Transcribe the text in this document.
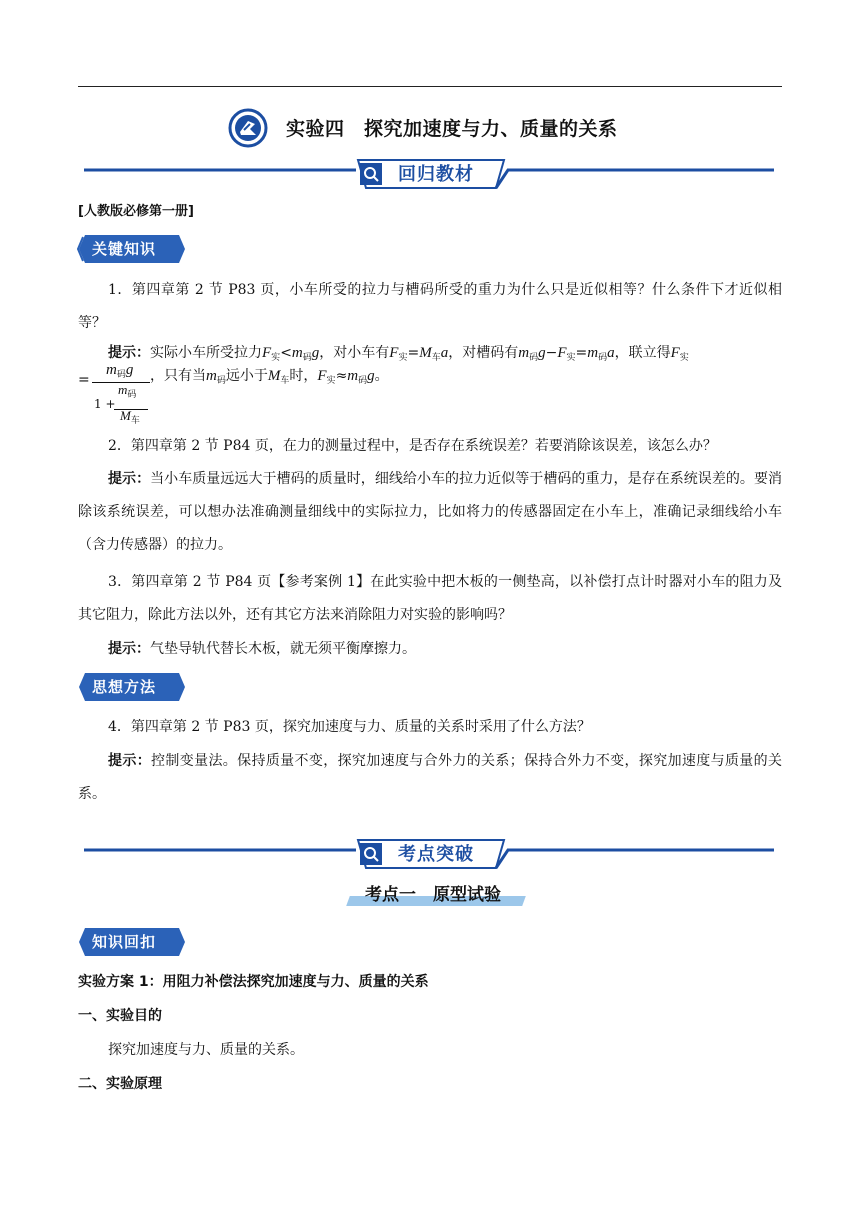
实验四　探究加速度与力、质量的关系
回归教材
[人教版必修第一册]
关键知识
1．第四章第 2 节 P83 页，小车所受的拉力与槽码所受的重力为什么只是近似相等？什么条件下才近似相等？
提示：实际小车所受拉力$F_实<m_码g$，对小车有$F_实=M_车a$，对槽码有$m_码g-F_实=m_码a$，联立得$F_实$
=
$m_码g$
1 +
$m_码$
$M_车$
，只有当$m_码$远小于$M_车$时，$F_实\approx m_码g$。
2．第四章第 2 节 P84 页，在力的测量过程中，是否存在系统误差？若要消除该误差，该怎么办？
提示：当小车质量远远大于槽码的质量时，细线给小车的拉力近似等于槽码的重力，是存在系统误差的。要消除该系统误差，可以想办法准确测量细线中的实际拉力，比如将力的传感器固定在小车上，准确记录细线给小车（含力传感器）的拉力。
3．第四章第 2 节 P84 页【参考案例 1】在此实验中把木板的一侧垫高，以补偿打点计时器对小车的阻力及其它阻力，除此方法以外，还有其它方法来消除阻力对实验的影响吗？
提示：气垫导轨代替长木板，就无须平衡摩擦力。
思想方法
4．第四章第 2 节 P83 页，探究加速度与力、质量的关系时采用了什么方法？
提示：控制变量法。保持质量不变，探究加速度与合外力的关系；保持合外力不变，探究加速度与质量的关系。
考点突破
考点一　原型试验
知识回扣
实验方案 1：用阻力补偿法探究加速度与力、质量的关系
一、实验目的
探究加速度与力、质量的关系。
二、实验原理
